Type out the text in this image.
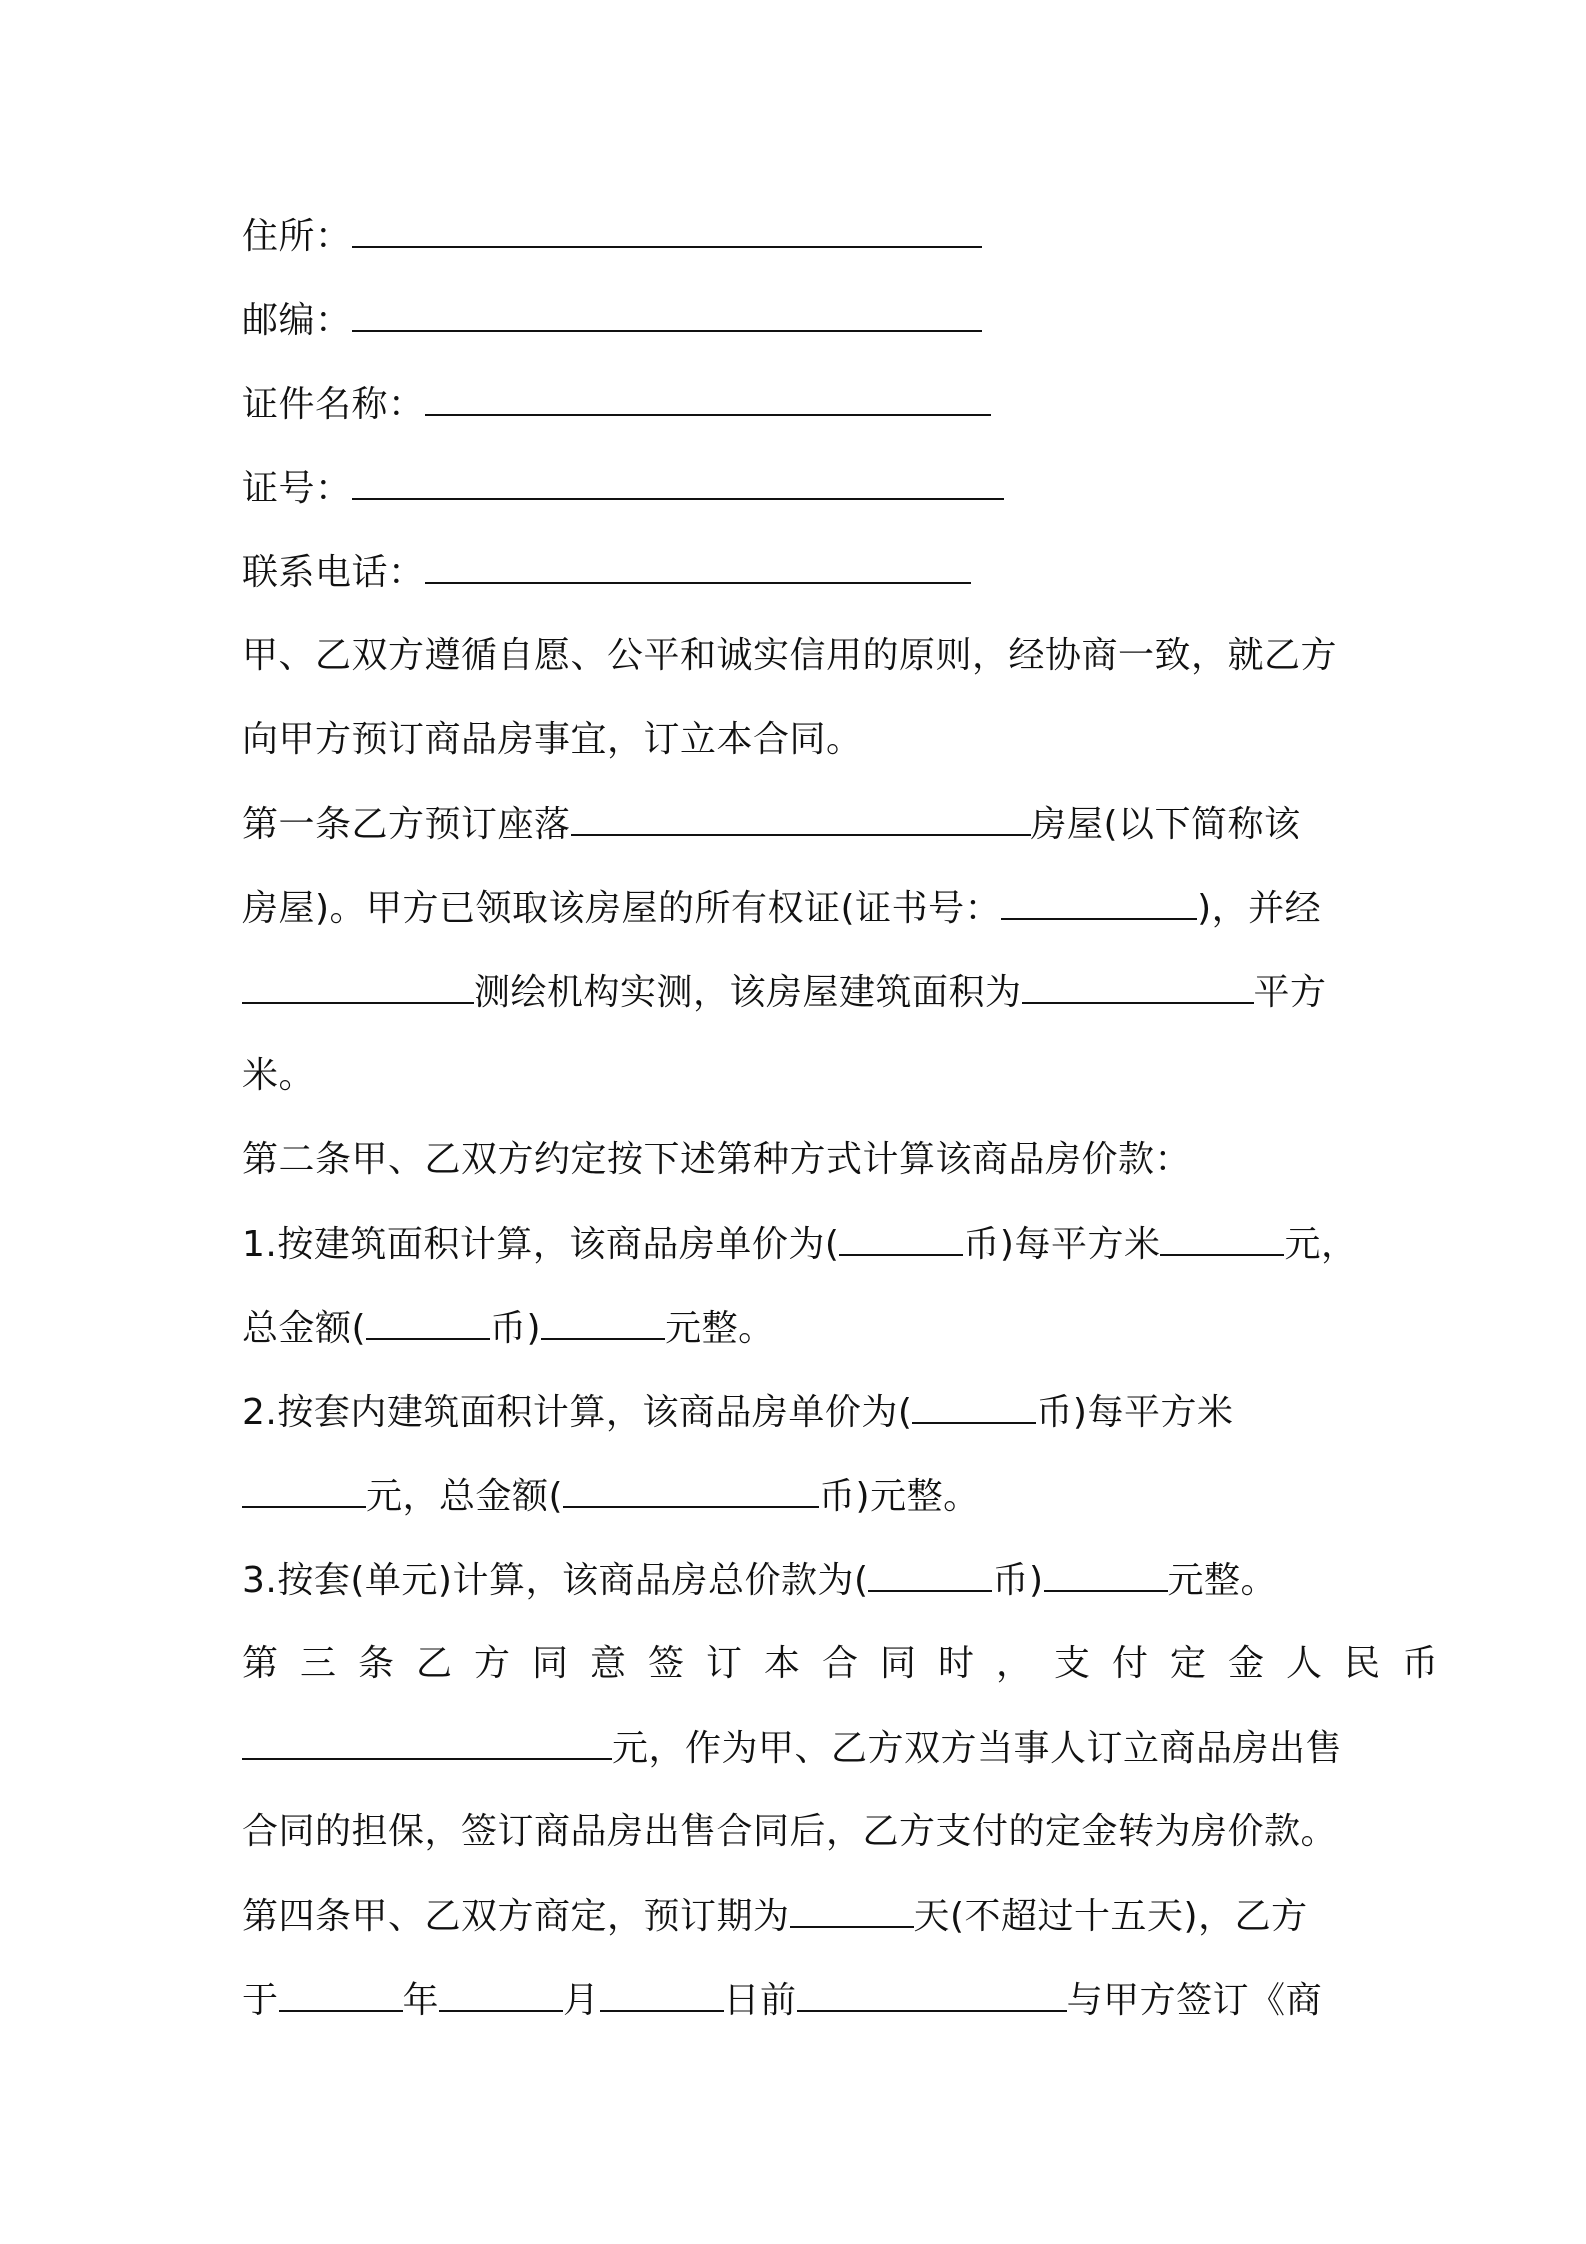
住所：
邮编：
证件名称：
证号：
联系电话：
甲、乙双方遵循自愿、公平和诚实信用的原则，经协商一致，就乙方
向甲方预订商品房事宜，订立本合同。
第一条乙方预订座落	房屋(以下简称该
房屋)。甲方已领取该房屋的所有权证(证书号：	)，并经
测绘机构实测，该房屋建筑面积为	平方
米。
第二条甲、乙双方约定按下述第种方式计算该商品房价款：
1.按建筑面积计算，该商品房单价为(	币)每平方米	元，
总金额(	币)	元整。
2.按套内建筑面积计算，该商品房单价为(	币)每平方米
元，总金额(	币)元整。
3.按套(单元)计算，该商品房总价款为(	币)	元整。
第三条乙方同意签订本合同时，支付定金人民币
元，作为甲、乙方双方当事人订立商品房出售
合同的担保，签订商品房出售合同后，乙方支付的定金转为房价款。
第四条甲、乙双方商定，预订期为	天(不超过十五天)，乙方
于	年	月	日前	与甲方签订《商
